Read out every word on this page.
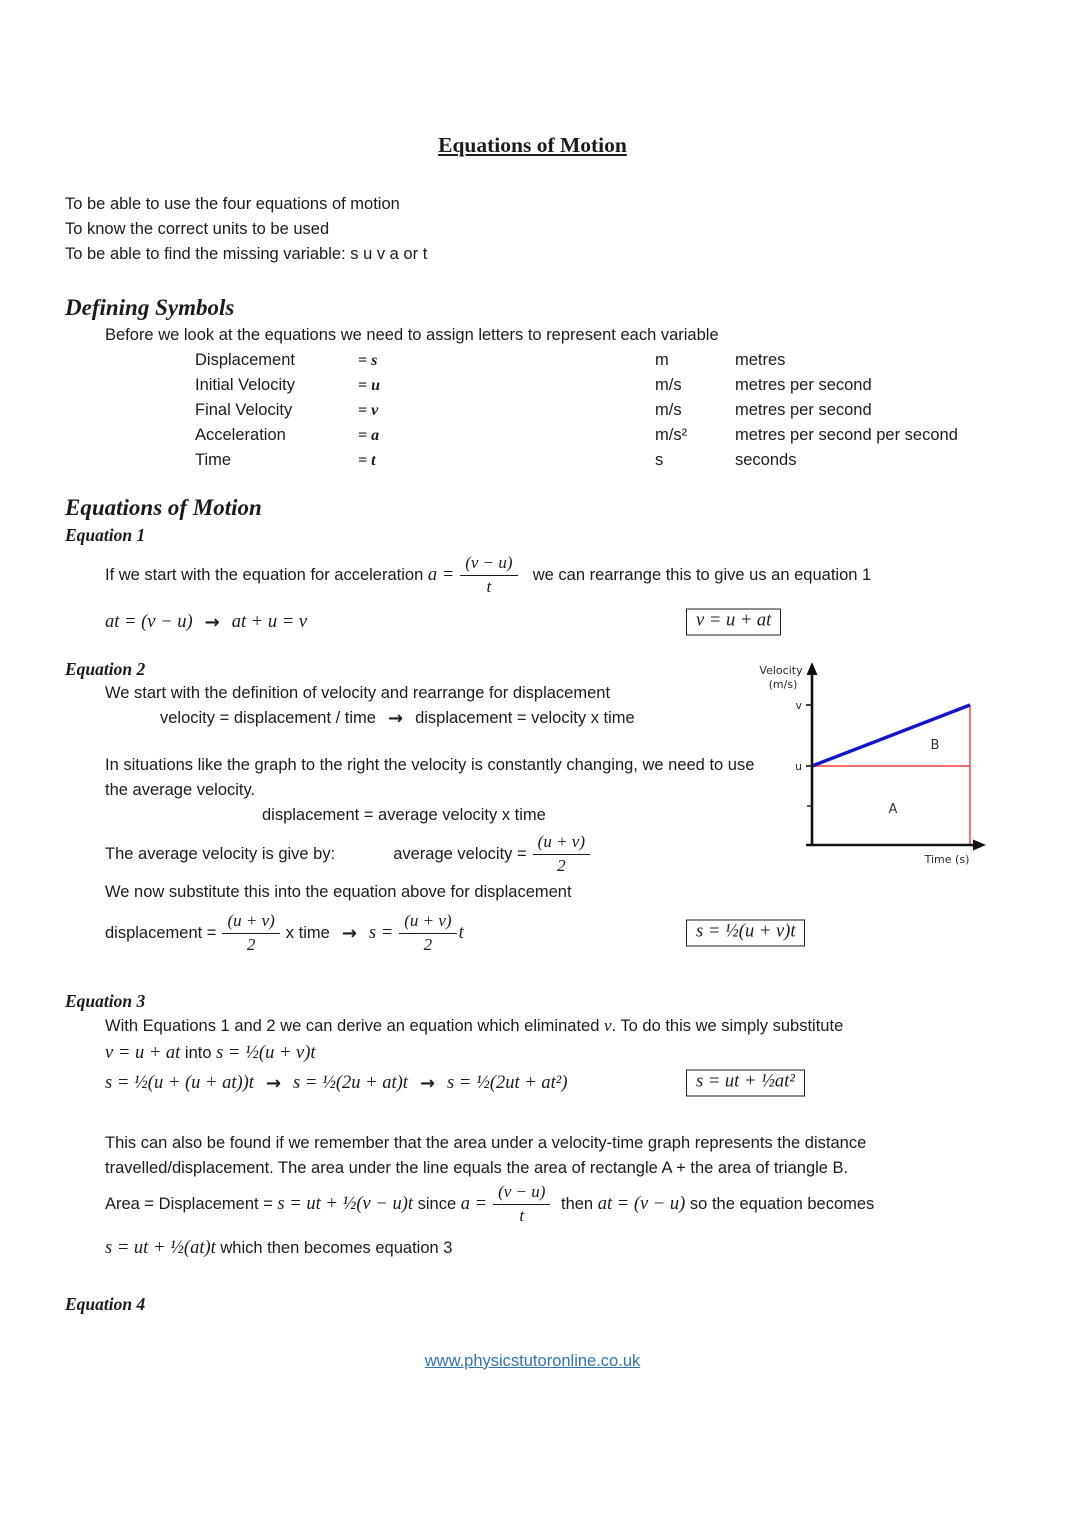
Equations of Motion
To be able to use the four equations of motion
To know the correct units to be used
To be able to find the missing variable: s u v a or t
Defining Symbols
Before we look at the equations we need to assign letters to represent each variable
Displacement	= s	m	metres
Initial Velocity	= u	m/s	metres per second
Final Velocity	= v	m/s	metres per second
Acceleration	= a	m/s²	metres per second per second
Time	= t	s	seconds
Equations of Motion
Equation 1
If we start with the equation for acceleration $a = \frac{(v - u)}{t}$ we can rearrange this to give us an equation 1
at = (v − u) → at + u = v	v = u + at
Equation 2
We start with the definition of velocity and rearrange for displacement
velocity = displacement / time → displacement = velocity x time
In situations like the graph to the right the velocity is constantly changing, we need to use the average velocity.
displacement = average velocity x time
The average velocity is give by:	average velocity = $\frac{(u + v)}{2}$
We now substitute this into the equation above for displacement
displacement = $\frac{(u + v)}{2}$ x time → $s = \frac{(u + v)}{2}$ t	s = ½(u + v)t
Equation 3
With Equations 1 and 2 we can derive an equation which eliminated v. To do this we simply substitute
v = u + at into s = ½(u + v)t
s = ½(u + (u + at))t → s = ½(2u + at)t → s = ½(2ut + at²)	s = ut + ½at²
This can also be found if we remember that the area under a velocity-time graph represents the distance travelled/displacement. The area under the line equals the area of rectangle A + the area of triangle B.
Area = Displacement = s = ut + ½(v − u)t since $a = \frac{(v - u)}{t}$ then at = (v − u) so the equation becomes
s = ut + ½(at)t which then becomes equation 3
Equation 4
www.physicstutoronline.co.uk
Velocity
(m/s)
v
u
A
B
Time (s)
